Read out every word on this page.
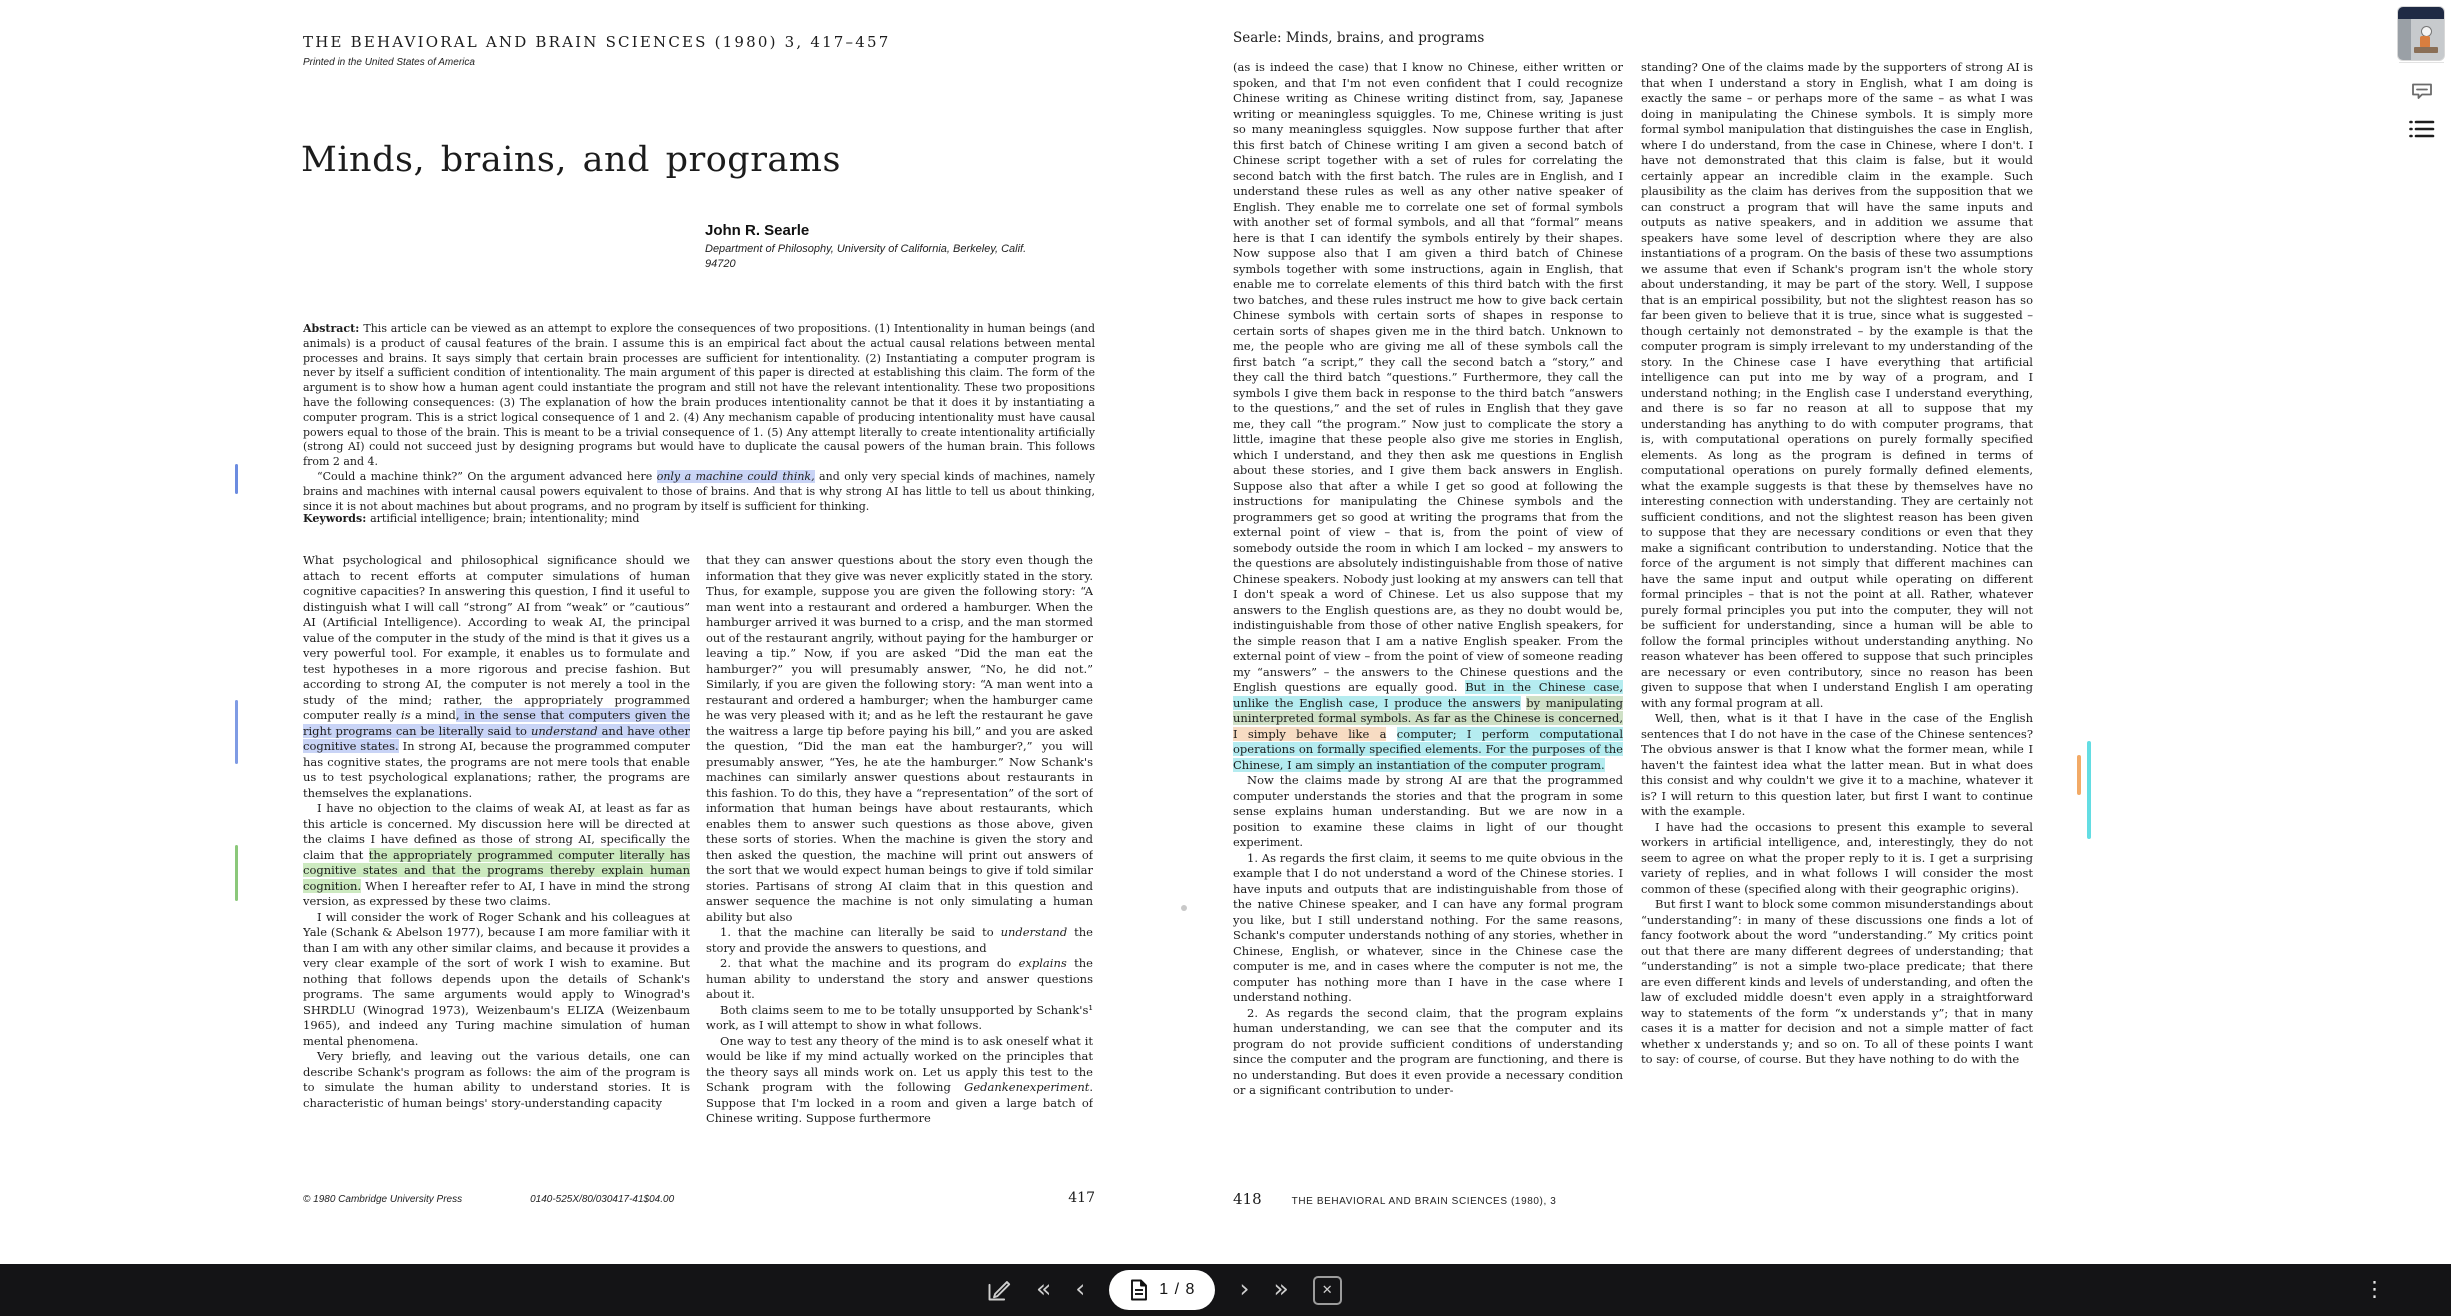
THE BEHAVIORAL AND BRAIN SCIENCES (1980) 3, 417–457
Printed in the United States of America
Minds, brains, and programs
John R. Searle
Department of Philosophy, University of California, Berkeley, Calif.
94720

Abstract: This article can be viewed as an attempt to explore the consequences of two propositions. (1) Intentionality in human beings (and animals) is a product of causal features of the brain. I assume this is an empirical fact about the actual causal relations between mental processes and brains. It says simply that certain brain processes are sufficient for intentionality. (2) Instantiating a computer program is never by itself a sufficient condition of intentionality. The main argument of this paper is directed at establishing this claim. The form of the argument is to show how a human agent could instantiate the program and still not have the relevant intentionality. These two propositions have the following consequences: (3) The explanation of how the brain produces intentionality cannot be that it does it by instantiating a computer program. This is a strict logical consequence of 1 and 2. (4) Any mechanism capable of producing intentionality must have causal powers equal to those of the brain. This is meant to be a trivial consequence of 1. (5) Any attempt literally to create intentionality artificially (strong AI) could not succeed just by designing programs but would have to duplicate the causal powers of the human brain. This follows from 2 and 4.

“Could a machine think?” On the argument advanced here only a machine could think, and only very special kinds of machines, namely brains and machines with internal causal powers equivalent to those of brains. And that is why strong AI has little to tell us about thinking, since it is not about machines but about programs, and no program by itself is sufficient for thinking.

Keywords: artificial intelligence; brain; intentionality; mind

What psychological and philosophical significance should we attach to recent efforts at computer simulations of human cognitive capacities? In answering this question, I find it useful to distinguish what I will call “strong” AI from “weak” or “cautious” AI (Artificial Intelligence). According to weak AI, the principal value of the computer in the study of the mind is that it gives us a very powerful tool. For example, it enables us to formulate and test hypotheses in a more rigorous and precise fashion. But according to strong AI, the computer is not merely a tool in the study of the mind; rather, the appropriately programmed computer really is a mind, in the sense that computers given the right programs can be literally said to understand and have other cognitive states. In strong AI, because the programmed computer has cognitive states, the programs are not mere tools that enable us to test psychological explanations; rather, the programs are themselves the explanations.

I have no objection to the claims of weak AI, at least as far as this article is concerned. My discussion here will be directed at the claims I have defined as those of strong AI, specifically the claim that the appropriately programmed computer literally has cognitive states and that the programs thereby explain human cognition. When I hereafter refer to AI, I have in mind the strong version, as expressed by these two claims.

I will consider the work of Roger Schank and his colleagues at Yale (Schank & Abelson 1977), because I am more familiar with it than I am with any other similar claims, and because it provides a very clear example of the sort of work I wish to examine. But nothing that follows depends upon the details of Schank's programs. The same arguments would apply to Winograd's SHRDLU (Winograd 1973), Weizenbaum's ELIZA (Weizenbaum 1965), and indeed any Turing machine simulation of human mental phenomena.

Very briefly, and leaving out the various details, one can describe Schank's program as follows: the aim of the program is to simulate the human ability to understand stories. It is characteristic of human beings' story-understanding capacity

that they can answer questions about the story even though the information that they give was never explicitly stated in the story. Thus, for example, suppose you are given the following story: “A man went into a restaurant and ordered a hamburger. When the hamburger arrived it was burned to a crisp, and the man stormed out of the restaurant angrily, without paying for the hamburger or leaving a tip.” Now, if you are asked “Did the man eat the hamburger?” you will presumably answer, “No, he did not.” Similarly, if you are given the following story: “A man went into a restaurant and ordered a hamburger; when the hamburger came he was very pleased with it; and as he left the restaurant he gave the waitress a large tip before paying his bill,” and you are asked the question, “Did the man eat the hamburger?,” you will presumably answer, “Yes, he ate the hamburger.” Now Schank's machines can similarly answer questions about restaurants in this fashion. To do this, they have a “representation” of the sort of information that human beings have about restaurants, which enables them to answer such questions as those above, given these sorts of stories. When the machine is given the story and then asked the question, the machine will print out answers of the sort that we would expect human beings to give if told similar stories. Partisans of strong AI claim that in this question and answer sequence the machine is not only simulating a human ability but also

1. that the machine can literally be said to understand the story and provide the answers to questions, and

2. that what the machine and its program do explains the human ability to understand the story and answer questions about it.

Both claims seem to me to be totally unsupported by Schank's¹ work, as I will attempt to show in what follows.

One way to test any theory of the mind is to ask oneself what it would be like if my mind actually worked on the principles that the theory says all minds work on. Let us apply this test to the Schank program with the following Gedankenexperiment. Suppose that I'm locked in a room and given a large batch of Chinese writing. Suppose furthermore

© 1980 Cambridge University Press	0140-525X/80/030417-41$04.00	417
Searle: Minds, brains, and programs

(as is indeed the case) that I know no Chinese, either written or spoken, and that I'm not even confident that I could recognize Chinese writing as Chinese writing distinct from, say, Japanese writing or meaningless squiggles. To me, Chinese writing is just so many meaningless squiggles. Now suppose further that after this first batch of Chinese writing I am given a second batch of Chinese script together with a set of rules for correlating the second batch with the first batch. The rules are in English, and I understand these rules as well as any other native speaker of English. They enable me to correlate one set of formal symbols with another set of formal symbols, and all that “formal” means here is that I can identify the symbols entirely by their shapes. Now suppose also that I am given a third batch of Chinese symbols together with some instructions, again in English, that enable me to correlate elements of this third batch with the first two batches, and these rules instruct me how to give back certain Chinese symbols with certain sorts of shapes in response to certain sorts of shapes given me in the third batch. Unknown to me, the people who are giving me all of these symbols call the first batch “a script,” they call the second batch a “story,” and they call the third batch “questions.” Furthermore, they call the symbols I give them back in response to the third batch “answers to the questions,” and the set of rules in English that they gave me, they call “the program.” Now just to complicate the story a little, imagine that these people also give me stories in English, which I understand, and they then ask me questions in English about these stories, and I give them back answers in English. Suppose also that after a while I get so good at following the instructions for manipulating the Chinese symbols and the programmers get so good at writing the programs that from the external point of view – that is, from the point of view of somebody outside the room in which I am locked – my answers to the questions are absolutely indistinguishable from those of native Chinese speakers. Nobody just looking at my answers can tell that I don't speak a word of Chinese. Let us also suppose that my answers to the English questions are, as they no doubt would be, indistinguishable from those of other native English speakers, for the simple reason that I am a native English speaker. From the external point of view – from the point of view of someone reading my “answers” – the answers to the Chinese questions and the English questions are equally good. But in the Chinese case, unlike the English case, I produce the answers by manipulating uninterpreted formal symbols. As far as the Chinese is concerned, I simply behave like a computer; I perform computational operations on formally specified elements. For the purposes of the Chinese, I am simply an instantiation of the computer program.

Now the claims made by strong AI are that the programmed computer understands the stories and that the program in some sense explains human understanding. But we are now in a position to examine these claims in light of our thought experiment.

1. As regards the first claim, it seems to me quite obvious in the example that I do not understand a word of the Chinese stories. I have inputs and outputs that are indistinguishable from those of the native Chinese speaker, and I can have any formal program you like, but I still understand nothing. For the same reasons, Schank's computer understands nothing of any stories, whether in Chinese, English, or whatever, since in the Chinese case the computer is me, and in cases where the computer is not me, the computer has nothing more than I have in the case where I understand nothing.

2. As regards the second claim, that the program explains human understanding, we can see that the computer and its program do not provide sufficient conditions of understanding since the computer and the program are functioning, and there is no understanding. But does it even provide a necessary condition or a significant contribution to under-

standing? One of the claims made by the supporters of strong AI is that when I understand a story in English, what I am doing is exactly the same – or perhaps more of the same – as what I was doing in manipulating the Chinese symbols. It is simply more formal symbol manipulation that distinguishes the case in English, where I do understand, from the case in Chinese, where I don't. I have not demonstrated that this claim is false, but it would certainly appear an incredible claim in the example. Such plausibility as the claim has derives from the supposition that we can construct a program that will have the same inputs and outputs as native speakers, and in addition we assume that speakers have some level of description where they are also instantiations of a program. On the basis of these two assumptions we assume that even if Schank's program isn't the whole story about understanding, it may be part of the story. Well, I suppose that is an empirical possibility, but not the slightest reason has so far been given to believe that it is true, since what is suggested – though certainly not demonstrated – by the example is that the computer program is simply irrelevant to my understanding of the story. In the Chinese case I have everything that artificial intelligence can put into me by way of a program, and I understand nothing; in the English case I understand everything, and there is so far no reason at all to suppose that my understanding has anything to do with computer programs, that is, with computational operations on purely formally specified elements. As long as the program is defined in terms of computational operations on purely formally defined elements, what the example suggests is that these by themselves have no interesting connection with understanding. They are certainly not sufficient conditions, and not the slightest reason has been given to suppose that they are necessary conditions or even that they make a significant contribution to understanding. Notice that the force of the argument is not simply that different machines can have the same input and output while operating on different formal principles – that is not the point at all. Rather, whatever purely formal principles you put into the computer, they will not be sufficient for understanding, since a human will be able to follow the formal principles without understanding anything. No reason whatever has been offered to suppose that such principles are necessary or even contributory, since no reason has been given to suppose that when I understand English I am operating with any formal program at all.

Well, then, what is it that I have in the case of the English sentences that I do not have in the case of the Chinese sentences? The obvious answer is that I know what the former mean, while I haven't the faintest idea what the latter mean. But in what does this consist and why couldn't we give it to a machine, whatever it is? I will return to this question later, but first I want to continue with the example.

I have had the occasions to present this example to several workers in artificial intelligence, and, interestingly, they do not seem to agree on what the proper reply to it is. I get a surprising variety of replies, and in what follows I will consider the most common of these (specified along with their geographic origins).

But first I want to block some common misunderstandings about “understanding”: in many of these discussions one finds a lot of fancy footwork about the word “understanding.” My critics point out that there are many different degrees of understanding; that “understanding” is not a simple two-place predicate; that there are even different kinds and levels of understanding, and often the law of excluded middle doesn't even apply in a straightforward way to statements of the form “x understands y”; that in many cases it is a matter for decision and not a simple matter of fact whether x understands y; and so on. To all of these points I want to say: of course, of course. But they have nothing to do with the

418	THE BEHAVIORAL AND BRAIN SCIENCES (1980), 3
« ‹	1 / 8 › »	✕	⋮
